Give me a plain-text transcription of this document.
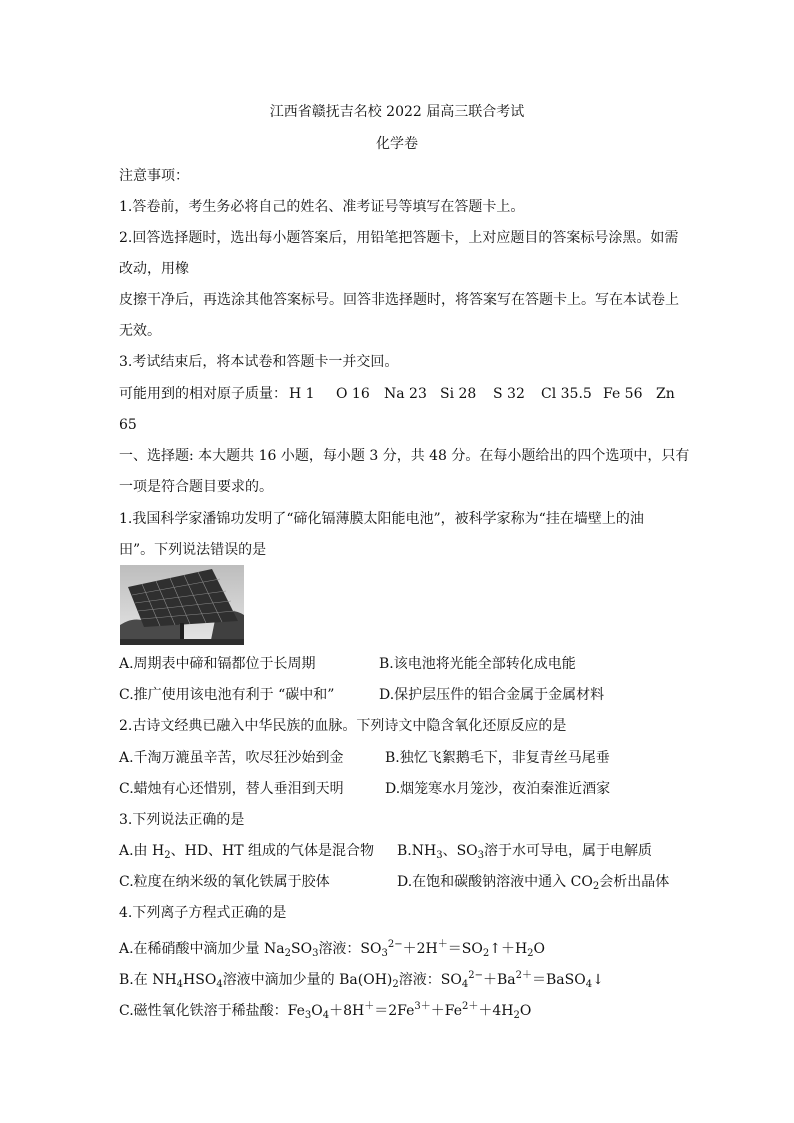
江西省赣抚吉名校 2022 届高三联合考试
化学卷
注意事项：
1.答卷前，考生务必将自己的姓名、准考证号等填写在答题卡上。
2.回答选择题时，选出每小题答案后，用铅笔把答题卡，上对应题目的答案标号涂黑。如需
改动，用橡
皮擦干净后，再选涂其他答案标号。回答非选择题时，将答案写在答题卡上。写在本试卷上
无效。
3.考试结束后，将本试卷和答题卡一并交回。
可能用到的相对原子质量： H 1 O 16 Na 23 Si 28 S 32 Cl 35.5 Fe 56 Zn
65
一、选择题: 本大题共 16 小题，每小题 3 分，共 48 分。在每小题给出的四个选项中，只有
一项是符合题目要求的。
1.我国科学家潘锦功发明了“碲化镉薄膜太阳能电池”，被科学家称为“挂在墙壁上的油
田”。下列说法错误的是
A.周期表中碲和镉都位于长周期	B.该电池将光能全部转化成电能
C.推广使用该电池有利于 “碳中和”	D.保护层压件的铝合金属于金属材料
2.古诗文经典已融入中华民族的血脉。下列诗文中隐含氧化还原反应的是
A.千淘万漉虽辛苦，吹尽狂沙始到金	B.独忆飞絮鹅毛下，非复青丝马尾垂
C.蜡烛有心还惜别，替人垂泪到天明	D.烟笼寒水月笼沙，夜泊秦淮近酒家
3.下列说法正确的是
A.由 $H_2$、HD、HT 组成的气体是混合物 $B.NH_3$、$SO_3$溶于水可导电，属于电解质
C.粒度在纳米级的氧化铁属于胶体	D.在饱和碳酸钠溶液中通入 $CO_2$会析出晶体
4.下列离子方程式正确的是
A.在稀硝酸中滴加少量 $Na_2SO_3$溶液：$SO_3^{2-}+2H^+=SO_2↑+H_2O$
B.在 $NH_4HSO_4$溶液中滴加少量的 $Ba(OH)_2$溶液：$SO_4^{2-}+Ba^{2+}=BaSO_4↓$
C.磁性氧化铁溶于稀盐酸：$Fe_3O_4+8H^+=2Fe^{3+}+Fe^{2+}+4H_2O$
